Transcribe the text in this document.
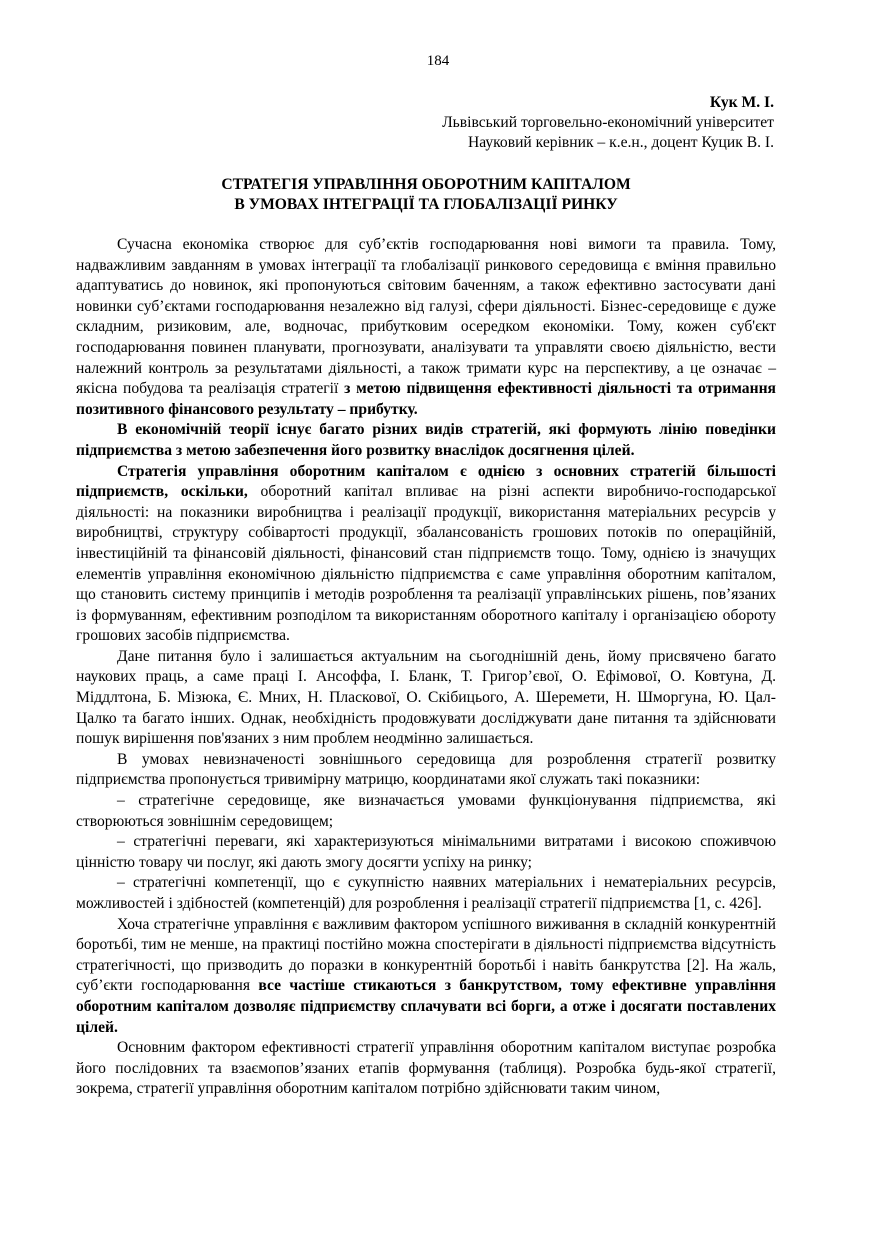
184
Кук М. І.
Львівський торговельно-економічний університет
Науковий керівник – к.е.н., доцент Куцик В. І.
СТРАТЕГІЯ УПРАВЛІННЯ ОБОРОТНИМ КАПІТАЛОМ
В УМОВАХ ІНТЕГРАЦІЇ ТА ГЛОБАЛІЗАЦІЇ РИНКУ

Сучасна економіка створює для суб’єктів господарювання нові вимоги та правила. Тому, надважливим завданням в умовах інтеграції та глобалізації ринкового середовища є вміння правильно адаптуватись до новинок, які пропонуються світовим баченням, а також ефективно застосувати дані новинки суб’єктами господарювання незалежно від галузі, сфери діяльності. Бізнес-середовище є дуже складним, ризиковим, але, водночас, прибутковим осередком економіки. Тому, кожен суб'єкт господарювання повинен планувати, прогнозувати, аналізувати та управляти своєю діяльністю, вести належний контроль за результатами діяльності, а також тримати курс на перспективу, а це означає – якісна побудова та реалізація стратегії з метою підвищення ефективності діяльності та отримання позитивного фінансового результату – прибутку.

В економічній теорії існує багато різних видів стратегій, які формують лінію поведінки підприємства з метою забезпечення його розвитку внаслідок досягнення цілей.

Стратегія управління оборотним капіталом є однією з основних стратегій більшості підприємств, оскільки, оборотний капітал впливає на різні аспекти виробничо-господарської діяльності: на показники виробництва і реалізації продукції, використання матеріальних ресурсів у виробництві, структуру собівартості продукції, збалансованість грошових потоків по операційній, інвестиційній та фінансовій діяльності, фінансовий стан підприємств тощо. Тому, однією із значущих елементів управління економічною діяльністю підприємства є саме управління оборотним капіталом, що становить систему принципів і методів розроблення та реалізації управлінських рішень, пов’язаних із формуванням, ефективним розподілом та використанням оборотного капіталу і організацією обороту грошових засобів підприємства.

Дане питання було і залишається актуальним на сьогоднішній день, йому присвячено багато наукових праць, а саме праці І. Ансоффа, І. Бланк, Т. Григор’євої, О. Ефімової, О. Ковтуна, Д. Міддлтона, Б. Мізюка, Є. Мних, Н. Пласкової, О. Скібицього, А. Шеремети, Н. Шморгуна, Ю. Цал-Цалко та багато інших. Однак, необхідність продовжувати досліджувати дане питання та здійснювати пошук вирішення пов'язаних з ним проблем неодмінно залишається.

В умовах невизначеності зовнішнього середовища для розроблення стратегії розвитку підприємства пропонується тривимірну матрицю, координатами якої служать такі показники:

– стратегічне середовище, яке визначається умовами функціонування підприємства, які створюються зовнішнім середовищем;

– стратегічні переваги, які характеризуються мінімальними витратами і високою споживчою цінністю товару чи послуг, які дають змогу досягти успіху на ринку;

– стратегічні компетенції, що є сукупністю наявних матеріальних і нематеріальних ресурсів, можливостей і здібностей (компетенцій) для розроблення і реалізації стратегії підприємства [1, с. 426].

Хоча стратегічне управління є важливим фактором успішного виживання в складній конкурентній боротьбі, тим не менше, на практиці постійно можна спостерігати в діяльності підприємства відсутність стратегічності, що призводить до поразки в конкурентній боротьбі і навіть банкрутства [2]. На жаль, суб’єкти господарювання все частіше стикаються з банкрутством, тому ефективне управління оборотним капіталом дозволяє підприємству сплачувати всі борги, а отже і досягати поставлених цілей.

Основним фактором ефективності стратегії управління оборотним капіталом виступає розробка його послідовних та взаємопов’язаних етапів формування (таблиця). Розробка будь-якої стратегії, зокрема, стратегії управління оборотним капіталом потрібно здійснювати таким чином,
